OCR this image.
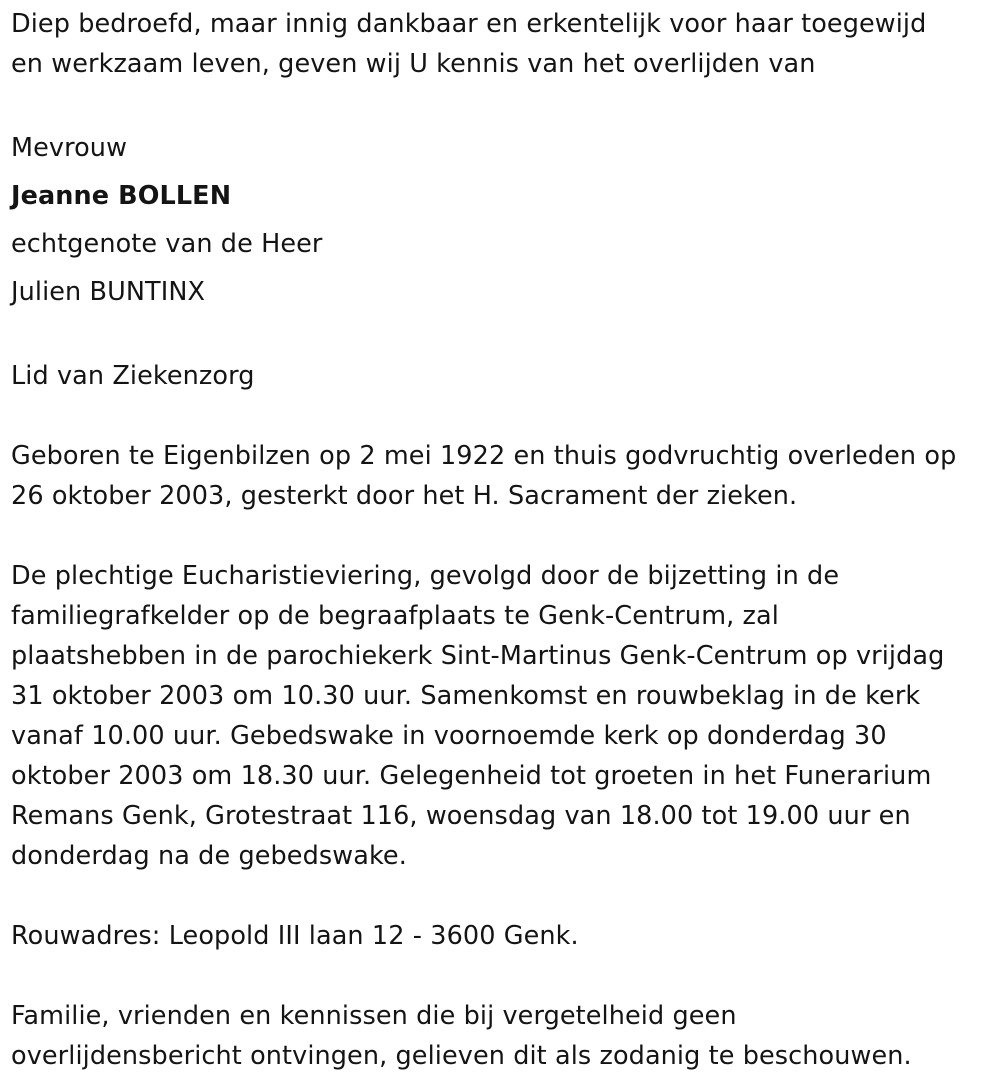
Diep bedroefd, maar innig dankbaar en erkentelijk voor haar toegewijd
en werkzaam leven, geven wij U kennis van het overlijden van

Mevrouw
Jeanne BOLLEN
echtgenote van de Heer
Julien BUNTINX

Lid van Ziekenzorg

Geboren te Eigenbilzen op 2 mei 1922 en thuis godvruchtig overleden op
26 oktober 2003, gesterkt door het H. Sacrament der zieken.

De plechtige Eucharistieviering, gevolgd door de bijzetting in de
familiegrafkelder op de begraafplaats te Genk-Centrum, zal
plaatshebben in de parochiekerk Sint-Martinus Genk-Centrum op vrijdag
31 oktober 2003 om 10.30 uur. Samenkomst en rouwbeklag in de kerk
vanaf 10.00 uur. Gebedswake in voornoemde kerk op donderdag 30
oktober 2003 om 18.30 uur. Gelegenheid tot groeten in het Funerarium
Remans Genk, Grotestraat 116, woensdag van 18.00 tot 19.00 uur en
donderdag na de gebedswake.

Rouwadres: Leopold III laan 12 - 3600 Genk.

Familie, vrienden en kennissen die bij vergetelheid geen
overlijdensbericht ontvingen, gelieven dit als zodanig te beschouwen.
